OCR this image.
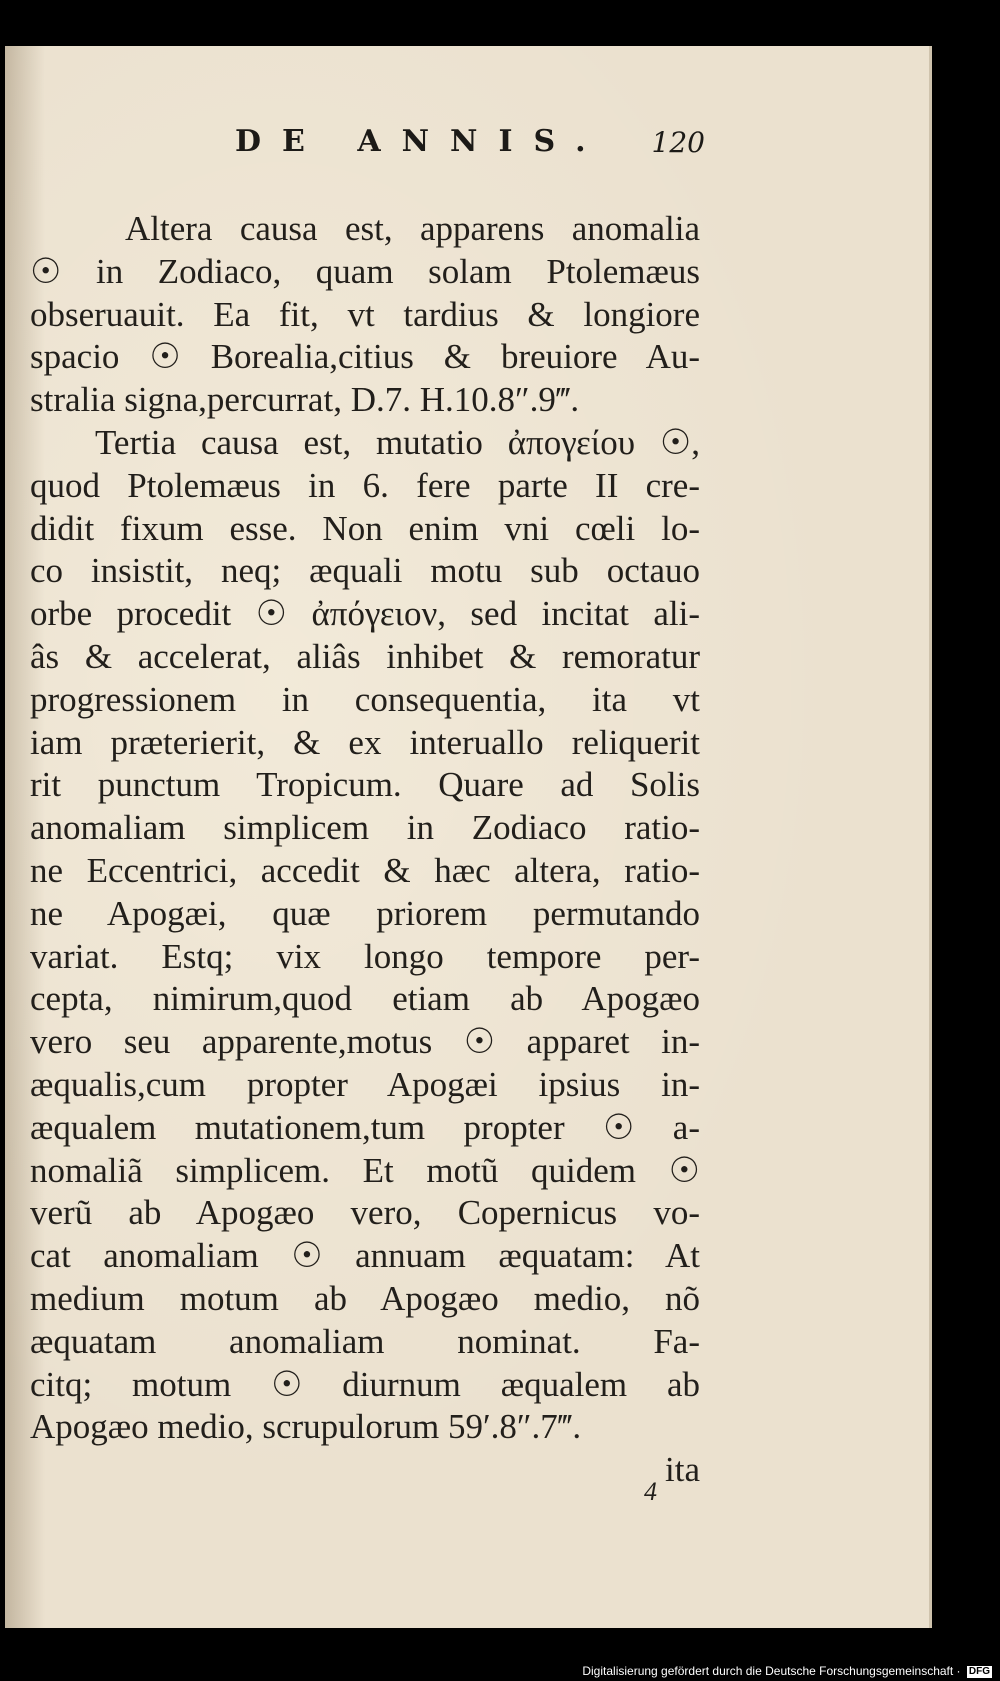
DE ANNIS. 120
Altera causa est, apparens anomalia
☉ in Zodiaco, quam solam Ptolemæus
obseruauit. Ea fit, vt tardius & longiore
spacio ☉ Borealia,citius & breuiore Au-
stralia signa,percurrat, D.7. H.10.8″.9‴.
Tertia causa est, mutatio ἀπογείου ☉,
quod Ptolemæus in 6. fere parte II cre-
didit fixum esse. Non enim vni cœli lo-
co insistit, neq; æquali motu sub octauo
orbe procedit ☉ ἀπόγειον, sed incitat ali-
âs & accelerat, aliâs inhibet & remoratur
progressionem in consequentia, ita vt
iam præterierit, & ex interuallo reliquerit
rit punctum Tropicum. Quare ad Solis
anomaliam simplicem in Zodiaco ratio-
ne Eccentrici, accedit & hæc altera, ratio-
ne Apogæi, quæ priorem permutando
variat. Estq; vix longo tempore per-
cepta, nimirum,quod etiam ab Apogæo
vero seu apparente,motus ☉ apparet in-
æqualis,cum propter Apogæi ipsius in-
æqualem mutationem,tum propter ☉ a-
nomaliã simplicem. Et motũ quidem ☉
verũ ab Apogæo vero, Copernicus vo-
cat anomaliam ☉ annuam æquatam: At
medium motum ab Apogæo medio, nõ
æquatam anomaliam nominat. Fa-
citq; motum ☉ diurnum æqualem ab
Apogæo medio, scrupulorum 59′.8″.7‴.
ita
4
Digitalisierung gefördert durch die Deutsche Forschungsgemeinschaft · DFG
